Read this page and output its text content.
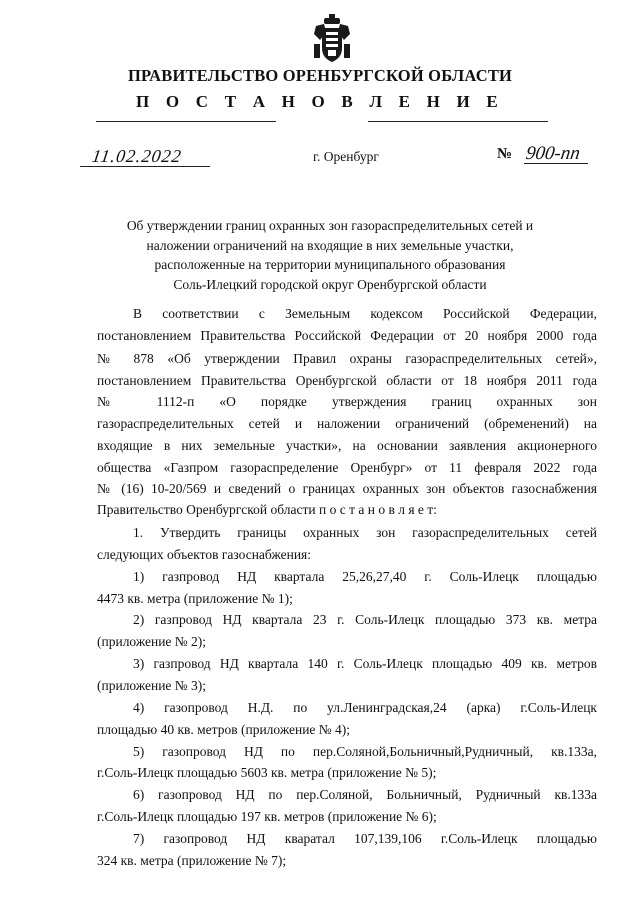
ПРАВИТЕЛЬСТВО ОРЕНБУРГСКОЙ ОБЛАСТИ
П О С Т А Н О В Л Е Н И Е
11.02.2022	г. Оренбург	№ 900-пп
Об утверждении границ охранных зон газораспределительных сетей и
наложении ограничений на входящие в них земельные участки,
расположенные на территории муниципального образования
Соль-Илецкий городской округ Оренбургской области
В соответствии с Земельным кодексом Российской Федерации,
постановлением Правительства Российской Федерации от 20 ноября 2000 года
№ 878 «Об утверждении Правил охраны газораспределительных сетей»,
постановлением Правительства Оренбургской области от 18 ноября 2011 года
№ 1112-п «О порядке утверждения границ охранных зон
газораспределительных сетей и наложении ограничений (обременений) на
входящие в них земельные участки», на основании заявления акционерного
общества «Газпром газораспределение Оренбург» от 11 февраля 2022 года
№ (16) 10-20/569 и сведений о границах охранных зон объектов газоснабжения
Правительство Оренбургской области п о с т а н о в л я е т:
1. Утвердить границы охранных зон газораспределительных сетей
следующих объектов газоснабжения:
1) газпровод НД квартала 25,26,27,40 г. Соль-Илецк площадью
4473 кв. метра (приложение № 1);
2) газпровод НД квартала 23 г. Соль-Илецк площадью 373 кв. метра
(приложение № 2);
3) газпровод НД квартала 140 г. Соль-Илецк площадью 409 кв. метров
(приложение № 3);
4) газопровод Н.Д. по ул.Ленинградская,24 (арка) г.Соль-Илецк
площадью 40 кв. метров (приложение № 4);
5) газопровод НД по пер.Соляной,Больничный,Рудничный, кв.133а,
г.Соль-Илецк площадью 5603 кв. метра (приложение № 5);
6) газопровод НД по пер.Соляной, Больничный, Рудничный кв.133а
г.Соль-Илецк площадью 197 кв. метров (приложение № 6);
7) газопровод НД кваратал 107,139,106 г.Соль-Илецк площадью
324 кв. метра (приложение № 7);
